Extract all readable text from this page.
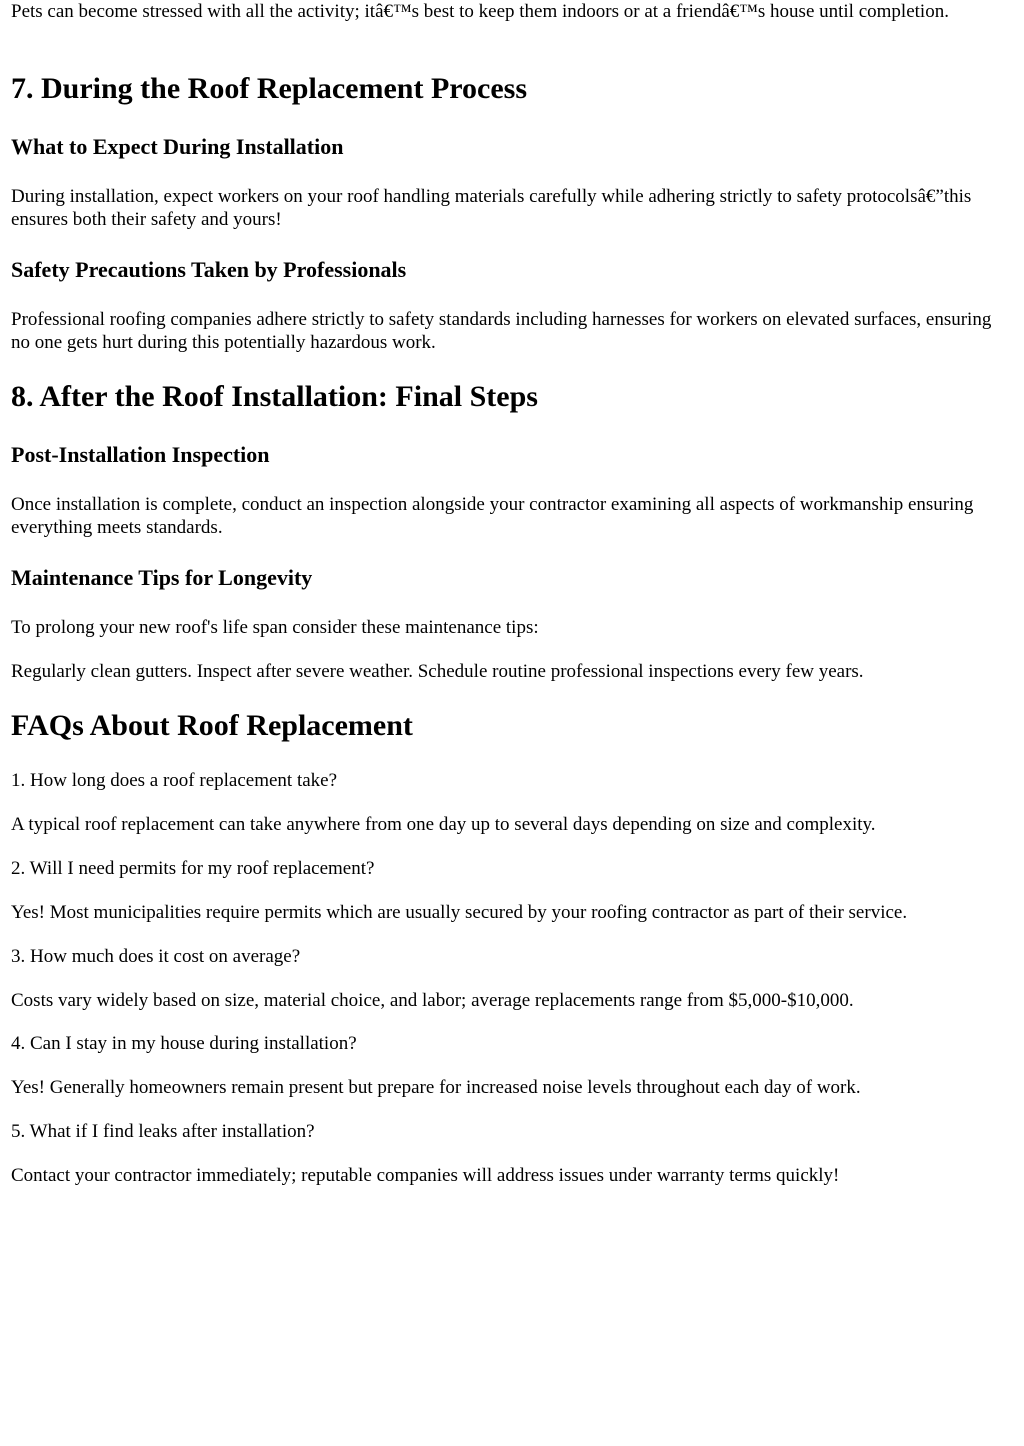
Pets can become stressed with all the activity; itâ€™s best to keep them indoors or at a friendâ€™s house until completion.

7. During the Roof Replacement Process
What to Expect During Installation

During installation, expect workers on your roof handling materials carefully while adhering strictly to safety protocolsâ€”this ensures both their safety and yours!

Safety Precautions Taken by Professionals

Professional roofing companies adhere strictly to safety standards including harnesses for workers on elevated surfaces, ensuring no one gets hurt during this potentially hazardous work.

8. After the Roof Installation: Final Steps
Post-Installation Inspection

Once installation is complete, conduct an inspection alongside your contractor examining all aspects of workmanship ensuring everything meets standards.

Maintenance Tips for Longevity

To prolong your new roof's life span consider these maintenance tips:

Regularly clean gutters. Inspect after severe weather. Schedule routine professional inspections every few years.

FAQs About Roof Replacement

1. How long does a roof replacement take?

A typical roof replacement can take anywhere from one day up to several days depending on size and complexity.

2. Will I need permits for my roof replacement?

Yes! Most municipalities require permits which are usually secured by your roofing contractor as part of their service.

3. How much does it cost on average?

Costs vary widely based on size, material choice, and labor; average replacements range from $5,000-$10,000.

4. Can I stay in my house during installation?

Yes! Generally homeowners remain present but prepare for increased noise levels throughout each day of work.

5. What if I find leaks after installation?

Contact your contractor immediately; reputable companies will address issues under warranty terms quickly!
